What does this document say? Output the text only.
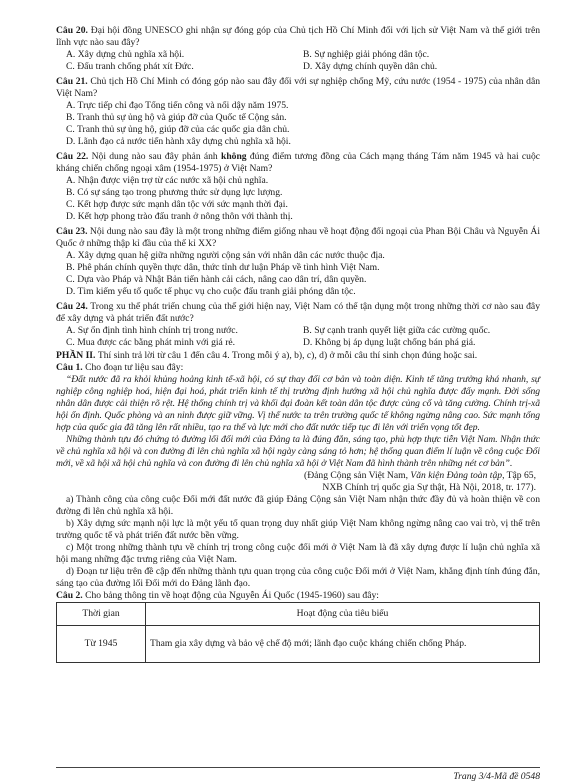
Câu 20. Đại hội đồng UNESCO ghi nhận sự đóng góp của Chủ tịch Hồ Chí Minh đối với lịch sử Việt Nam và thế giới trên lĩnh vực nào sau đây?
A. Xây dựng chủ nghĩa xã hội.	B. Sự nghiệp giải phóng dân tộc.
C. Đấu tranh chống phát xít Đức.	D. Xây dựng chính quyền dân chủ.
Câu 21. Chủ tịch Hồ Chí Minh có đóng góp nào sau đây đối với sự nghiệp chống Mỹ, cứu nước (1954 - 1975) của nhân dân Việt Nam?
A. Trực tiếp chỉ đạo Tổng tiến công và nổi dậy năm 1975.
B. Tranh thủ sự ủng hộ và giúp đỡ của Quốc tế Cộng sản.
C. Tranh thủ sự ủng hộ, giúp đỡ của các quốc gia dân chủ.
D. Lãnh đạo cả nước tiến hành xây dựng chủ nghĩa xã hội.
Câu 22. Nội dung nào sau đây phản ánh không đúng điểm tương đồng của Cách mạng tháng Tám năm 1945 và hai cuộc kháng chiến chống ngoại xâm (1954-1975) ở Việt Nam?
A. Nhận được viện trợ từ các nước xã hội chủ nghĩa.
B. Có sự sáng tạo trong phương thức sử dụng lực lượng.
C. Kết hợp được sức mạnh dân tộc với sức mạnh thời đại.
D. Kết hợp phong trào đấu tranh ở nông thôn với thành thị.
Câu 23. Nội dung nào sau đây là một trong những điểm giống nhau về hoạt động đối ngoại của Phan Bội Châu và Nguyễn Ái Quốc ở những thập kỉ đầu của thế kỉ XX?
A. Xây dựng quan hệ giữa những người cộng sản với nhân dân các nước thuộc địa.
B. Phê phán chính quyền thực dân, thức tỉnh dư luận Pháp về tình hình Việt Nam.
C. Dựa vào Pháp và Nhật Bản tiến hành cải cách, nâng cao dân trí, dân quyền.
D. Tìm kiếm yếu tố quốc tế phục vụ cho cuộc đấu tranh giải phóng dân tộc.
Câu 24. Trong xu thế phát triển chung của thế giới hiện nay, Việt Nam có thể tận dụng một trong những thời cơ nào sau đây để xây dựng và phát triển đất nước?
A. Sự ổn định tình hình chính trị trong nước.	B. Sự cạnh tranh quyết liệt giữa các cường quốc.
C. Mua được các bằng phát minh với giá rẻ.	D. Không bị áp dụng luật chống bán phá giá.
PHẦN II. Thí sinh trả lời từ câu 1 đến câu 4. Trong mỗi ý a), b), c), d) ở mỗi câu thí sinh chọn đúng hoặc sai.
Câu 1. Cho đoạn tư liệu sau đây:

“Đất nước đã ra khỏi khủng hoảng kinh tế-xã hội, có sự thay đổi cơ bản và toàn diện. Kinh tế tăng trưởng khá nhanh, sự nghiệp công nghiệp hoá, hiện đại hoá, phát triển kinh tế thị trường định hướng xã hội chủ nghĩa được đẩy mạnh. Đời sống nhân dân được cải thiện rõ rệt. Hệ thống chính trị và khối đại đoàn kết toàn dân tộc được củng cố và tăng cường. Chính trị-xã hội ổn định. Quốc phòng và an ninh được giữ vững. Vị thế nước ta trên trường quốc tế không ngừng nâng cao. Sức mạnh tổng hợp của quốc gia đã tăng lên rất nhiều, tạo ra thế và lực mới cho đất nước tiếp tục đi lên với triển vọng tốt đẹp.

Những thành tựu đó chứng tỏ đường lối đổi mới của Đảng ta là đúng đắn, sáng tạo, phù hợp thực tiễn Việt Nam. Nhận thức về chủ nghĩa xã hội và con đường đi lên chủ nghĩa xã hội ngày càng sáng tỏ hơn; hệ thống quan điểm lí luận về công cuộc Đổi mới, về xã hội xã hội chủ nghĩa và con đường đi lên chủ nghĩa xã hội ở Việt Nam đã hình thành trên những nét cơ bản”.

(Đảng Cộng sản Việt Nam, Văn kiện Đảng toàn tập, Tập 65,
NXB Chính trị quốc gia Sự thật, Hà Nội, 2018, tr. 177).
a) Thành công của công cuộc Đổi mới đất nước đã giúp Đảng Cộng sản Việt Nam nhận thức đầy đủ và hoàn thiện về con đường đi lên chủ nghĩa xã hội.
b) Xây dựng sức mạnh nội lực là một yếu tố quan trọng duy nhất giúp Việt Nam không ngừng nâng cao vai trò, vị thế trên trường quốc tế và phát triển đất nước bền vững.
c) Một trong những thành tựu về chính trị trong công cuộc đổi mới ở Việt Nam là đã xây dựng được lí luận chủ nghĩa xã hội mang những đặc trưng riêng của Việt Nam.
d) Đoạn tư liệu trên đề cập đến những thành tựu quan trọng của công cuộc Đổi mới ở Việt Nam, khẳng định tính đúng đắn, sáng tạo của đường lối Đổi mới do Đảng lãnh đạo.
Câu 2. Cho bảng thông tin về hoạt động của Nguyễn Ái Quốc (1945-1960) sau đây:
Thời gian	Hoạt động của tiêu biểu
Từ 1945	Tham gia xây dựng và bảo vệ chế độ mới; lãnh đạo cuộc kháng chiến chống Pháp.
Trang 3/4-Mã đề 0548
